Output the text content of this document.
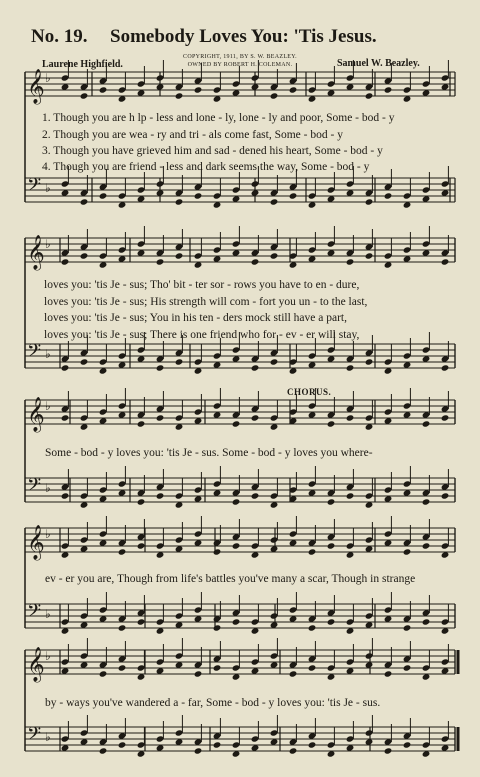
No. 19. Somebody Loves You: 'Tis Jesus.
COPYRIGHT, 1911, BY S. W. BEAZLEY.
OWNED BY ROBERT H. COLEMAN.
Laurene Highfield.	Samuel W. Beazley.
𝄞 ♭
𝄢 ♭
𝄞 ♭
𝄢 ♭
𝄞 ♭
𝄢 ♭
𝄞 ♭
𝄢 ♭
𝄞 ♭
𝄢 ♭
1. Though you are h lp - less and lone - ly, lone - ly and poor, Some - bod - y
2. Though you are wea - ry and tri - als come fast, Some - bod - y
3. Though you have grieved him and sad - dened his heart, Some - bod - y
4. Though you are friend - less and dark seems the way, Some - bod - y
loves you: 'tis Je - sus; Tho' bit - ter sor - rows you have to en - dure,
loves you: 'tis Je - sus; His strength will com - fort you un - to the last,
loves you: 'tis Je - sus; You in his ten - ders mock still have a part,
loves you: 'tis Je - sus; There is one friend who for - ev - er will stay,
CHORUS.
Some - bod - y loves you: 'tis Je - sus. Some - bod - y loves you where-
ev - er you are, Though from life's battles you've many a scar, Though in strange
by - ways you've wandered a - far, Some - bod - y loves you: 'tis Je - sus.
